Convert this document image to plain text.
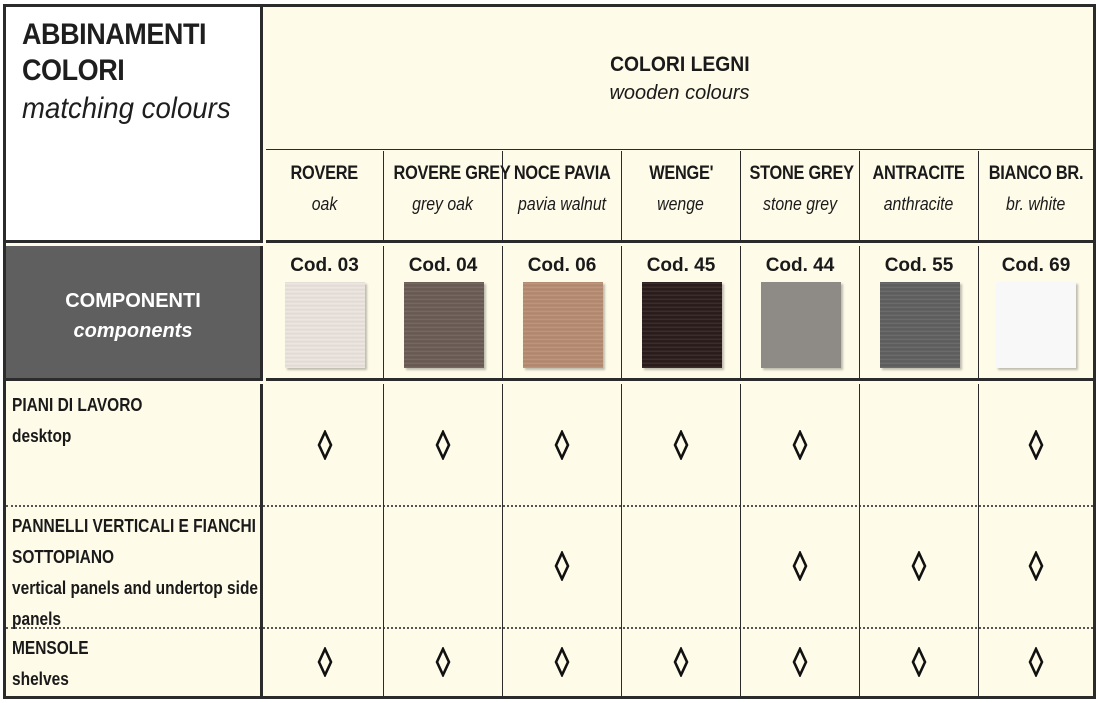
ABBINAMENTI
COLORI
matching colours
COLORI LEGNI
wooden colours
COMPONENTI
components
ROVERE
oak
Cod. 03
ROVERE GREY
grey oak
Cod. 04
NOCE PAVIA
pavia walnut
Cod. 06
WENGE'
wenge
Cod. 45
STONE GREY
stone grey
Cod. 44
ANTRACITE
anthracite
Cod. 55
BIANCO BR.
br. white
Cod. 69
PIANI DI LAVORO
desktop
PANNELLI VERTICALI E FIANCHI
SOTTOPIANO
vertical panels and undertop side
panels
MENSOLE
shelves
